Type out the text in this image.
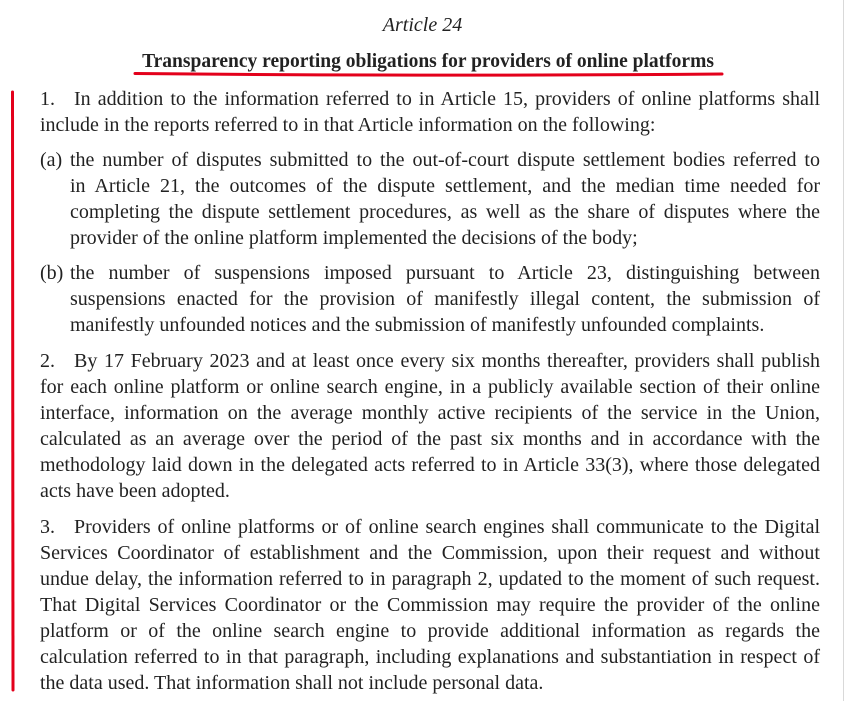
Article 24
Transparency reporting obligations for providers of online platforms
1. In addition to the information referred to in Article 15, providers of online platforms shall
include in the reports referred to in that Article information on the following:
(a) the number of disputes submitted to the out-of-court dispute settlement bodies referred to
in Article 21, the outcomes of the dispute settlement, and the median time needed for
completing the dispute settlement procedures, as well as the share of disputes where the
provider of the online platform implemented the decisions of the body;
(b) the number of suspensions imposed pursuant to Article 23, distinguishing between
suspensions enacted for the provision of manifestly illegal content, the submission of
manifestly unfounded notices and the submission of manifestly unfounded complaints.
2. By 17 February 2023 and at least once every six months thereafter, providers shall publish
for each online platform or online search engine, in a publicly available section of their online
interface, information on the average monthly active recipients of the service in the Union,
calculated as an average over the period of the past six months and in accordance with the
methodology laid down in the delegated acts referred to in Article 33(3), where those delegated
acts have been adopted.
3. Providers of online platforms or of online search engines shall communicate to the Digital
Services Coordinator of establishment and the Commission, upon their request and without
undue delay, the information referred to in paragraph 2, updated to the moment of such request.
That Digital Services Coordinator or the Commission may require the provider of the online
platform or of the online search engine to provide additional information as regards the
calculation referred to in that paragraph, including explanations and substantiation in respect of
the data used. That information shall not include personal data.
